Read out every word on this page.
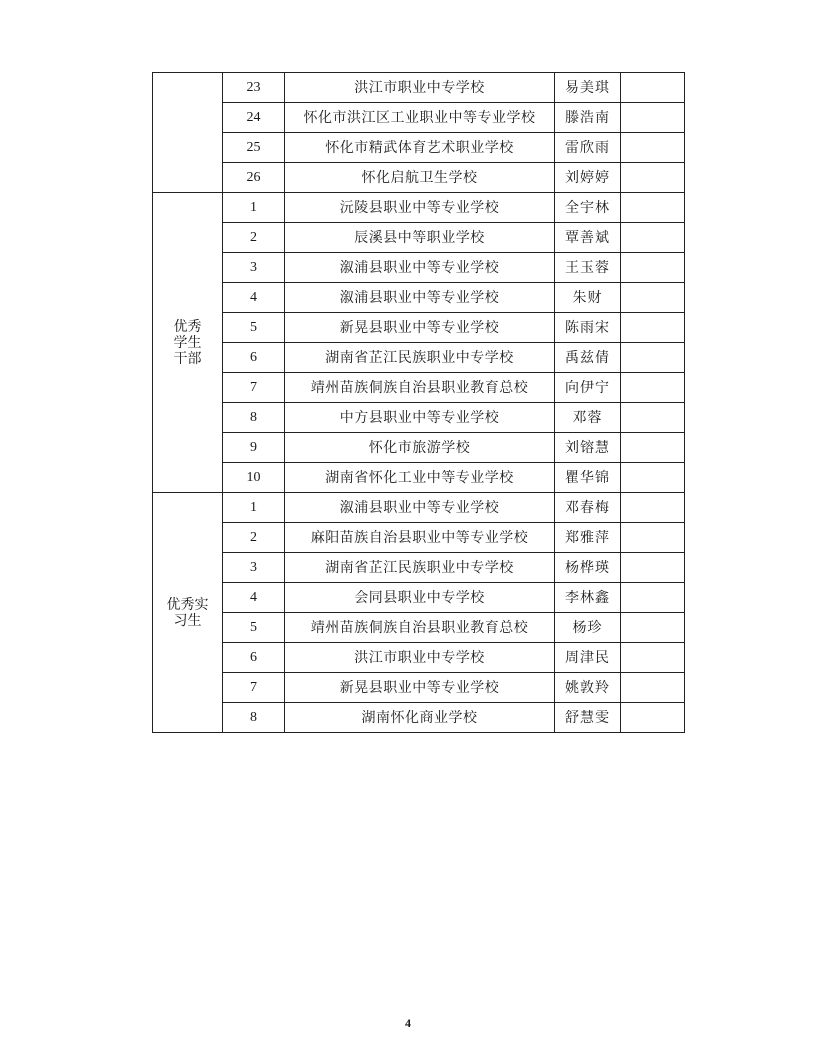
	23	洪江市职业中专学校	易美琪	
	24	怀化市洪江区工业职业中等专业学校	滕浩南	
	25	怀化市精武体育艺术职业学校	雷欣雨	
	26	怀化启航卫生学校	刘婷婷	

优秀
学生
干部	1	沅陵县职业中等专业学校	全宇林	
	2	辰溪县中等职业学校	覃善斌	
	3	溆浦县职业中等专业学校	王玉蓉	
	4	溆浦县职业中等专业学校	朱财	
	5	新晃县职业中等专业学校	陈雨宋	
	6	湖南省芷江民族职业中专学校	禹兹倩	
	7	靖州苗族侗族自治县职业教育总校	向伊宁	
	8	中方县职业中等专业学校	邓蓉	
	9	怀化市旅游学校	刘镕慧	
	10	湖南省怀化工业中等专业学校	瞿华锦	

优秀实
习生	1	溆浦县职业中等专业学校	邓春梅	
	2	麻阳苗族自治县职业中等专业学校	郑雅萍	
	3	湖南省芷江民族职业中专学校	杨桦瑛	
	4	会同县职业中专学校	李林鑫	
	5	靖州苗族侗族自治县职业教育总校	杨珍	
	6	洪江市职业中专学校	周津民	
	7	新晃县职业中等专业学校	姚敦羚	
	8	湖南怀化商业学校	舒慧雯	
4
